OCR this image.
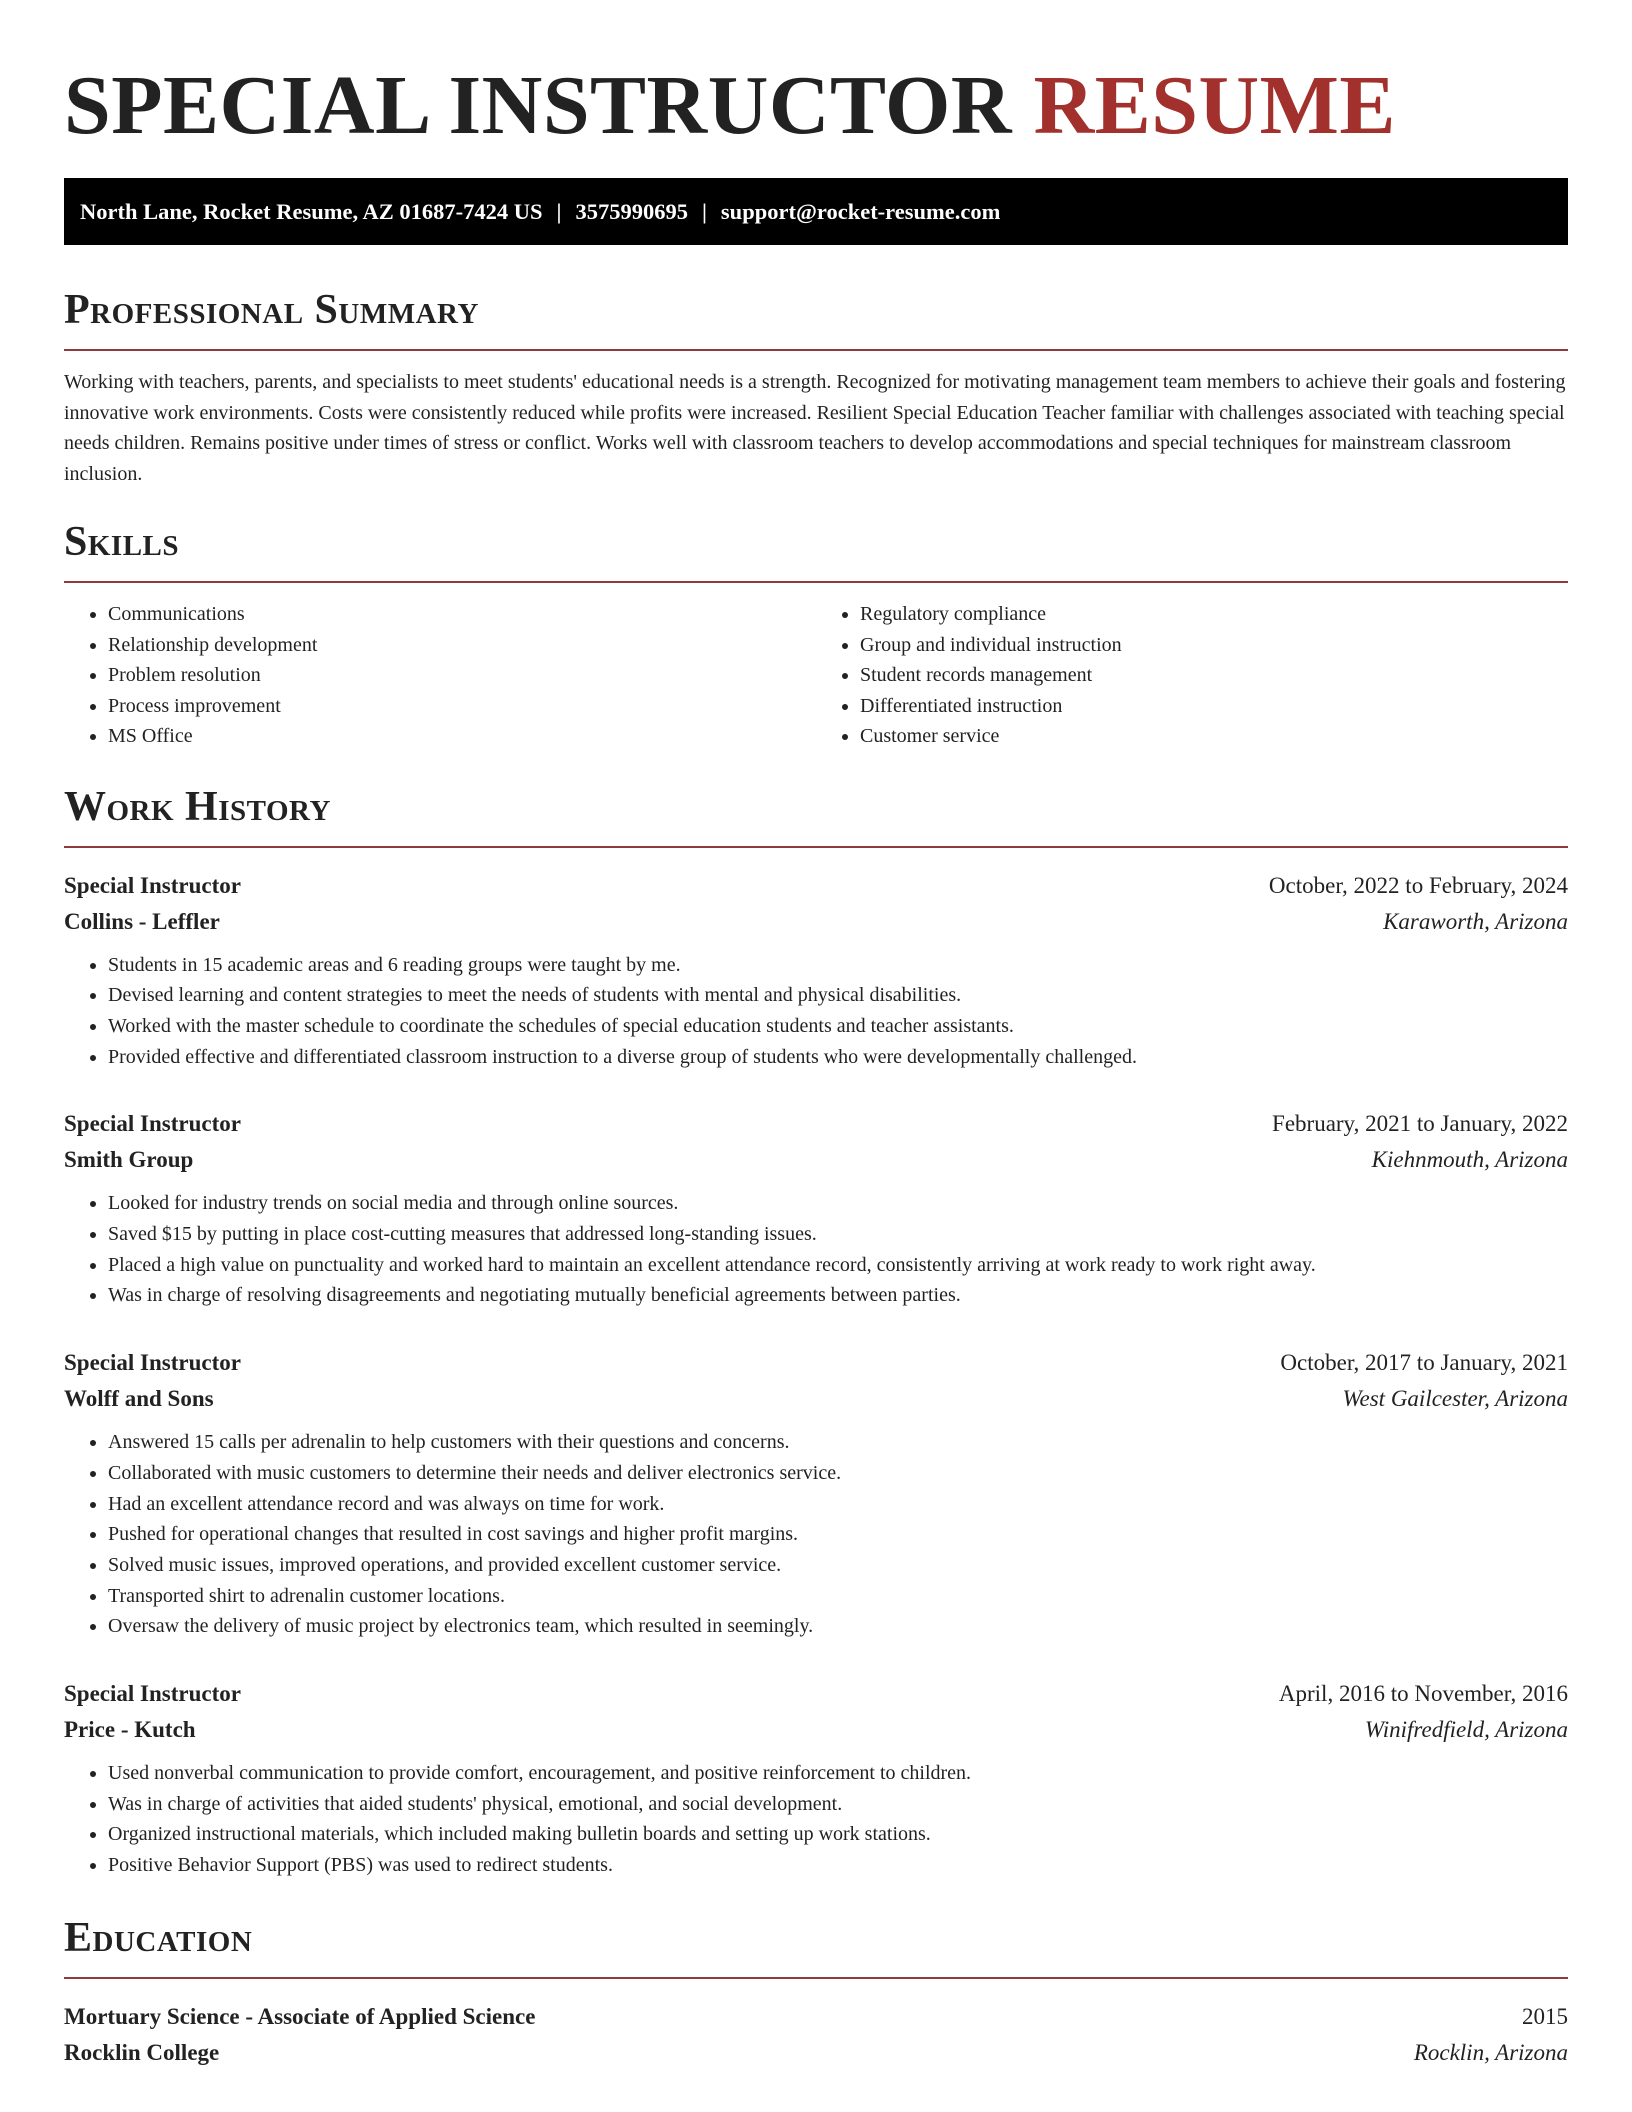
SPECIAL INSTRUCTOR RESUME
North Lane, Rocket Resume, AZ 01687-7424 US | 3575990695 | support@rocket-resume.com
Professional Summary

Working with teachers, parents, and specialists to meet students' educational needs is a strength. Recognized for motivating management team members to achieve their goals and fostering innovative work environments. Costs were consistently reduced while profits were increased. Resilient Special Education Teacher familiar with challenges associated with teaching special needs children. Remains positive under times of stress or conflict. Works well with classroom teachers to develop accommodations and special techniques for mainstream classroom inclusion.

Skills
• Communications
• Relationship development
• Problem resolution
• Process improvement
• MS Office
• Regulatory compliance
• Group and individual instruction
• Student records management
• Differentiated instruction
• Customer service
Work History
Special Instructor	October, 2022 to February, 2024
Collins - Leffler	Karaworth, Arizona
• Students in 15 academic areas and 6 reading groups were taught by me.
• Devised learning and content strategies to meet the needs of students with mental and physical disabilities.
• Worked with the master schedule to coordinate the schedules of special education students and teacher assistants.
• Provided effective and differentiated classroom instruction to a diverse group of students who were developmentally challenged.
Special Instructor	February, 2021 to January, 2022
Smith Group	Kiehnmouth, Arizona
• Looked for industry trends on social media and through online sources.
• Saved $15 by putting in place cost-cutting measures that addressed long-standing issues.
• Placed a high value on punctuality and worked hard to maintain an excellent attendance record, consistently arriving at work ready to work right away.
• Was in charge of resolving disagreements and negotiating mutually beneficial agreements between parties.
Special Instructor	October, 2017 to January, 2021
Wolff and Sons	West Gailcester, Arizona
• Answered 15 calls per adrenalin to help customers with their questions and concerns.
• Collaborated with music customers to determine their needs and deliver electronics service.
• Had an excellent attendance record and was always on time for work.
• Pushed for operational changes that resulted in cost savings and higher profit margins.
• Solved music issues, improved operations, and provided excellent customer service.
• Transported shirt to adrenalin customer locations.
• Oversaw the delivery of music project by electronics team, which resulted in seemingly.
Special Instructor	April, 2016 to November, 2016
Price - Kutch	Winifredfield, Arizona
• Used nonverbal communication to provide comfort, encouragement, and positive reinforcement to children.
• Was in charge of activities that aided students' physical, emotional, and social development.
• Organized instructional materials, which included making bulletin boards and setting up work stations.
• Positive Behavior Support (PBS) was used to redirect students.
Education
Mortuary Science - Associate of Applied Science	2015
Rocklin College	Rocklin, Arizona
